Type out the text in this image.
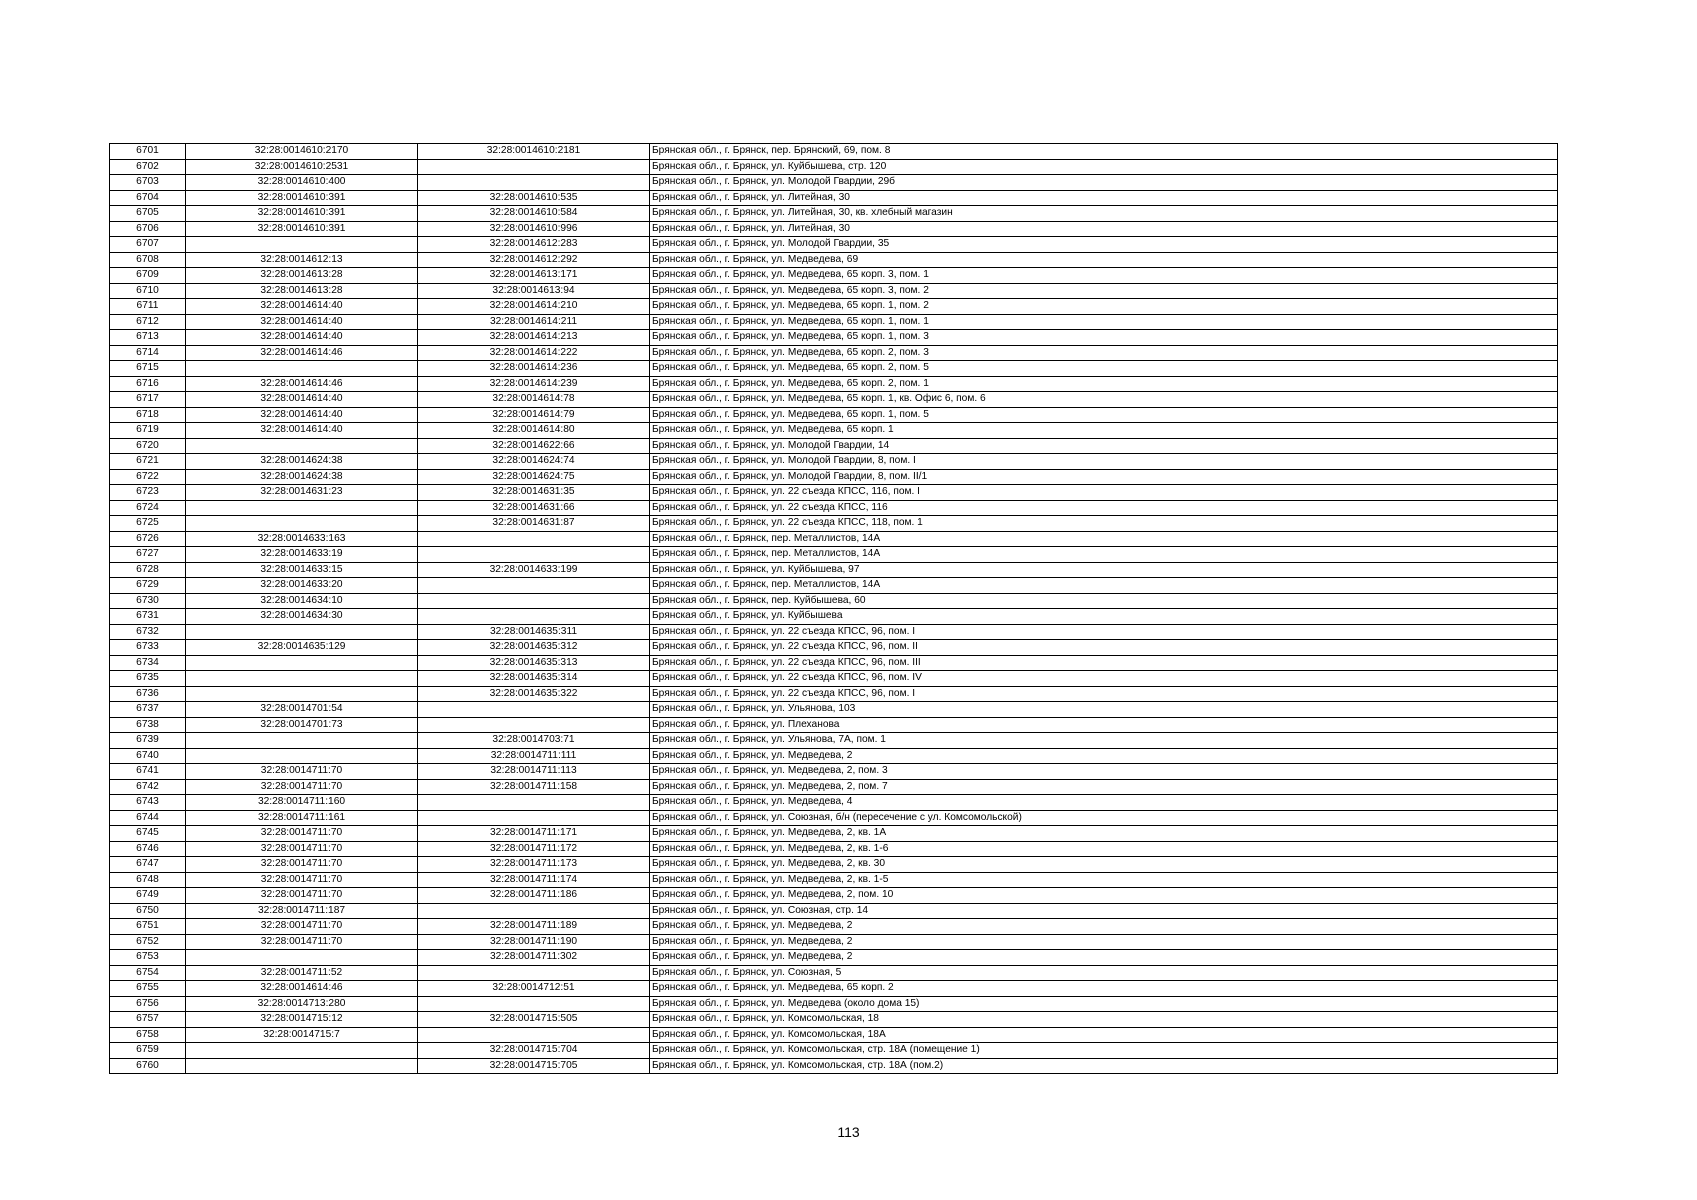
6701	32:28:0014610:2170	32:28:0014610:2181	Брянская обл., г. Брянск, пер. Брянский, 69, пом. 8
6702	32:28:0014610:2531		Брянская обл., г. Брянск, ул. Куйбышева, стр. 120
6703	32:28:0014610:400		Брянская обл., г. Брянск, ул. Молодой Гвардии, 29б
6704	32:28:0014610:391	32:28:0014610:535	Брянская обл., г. Брянск, ул. Литейная, 30
6705	32:28:0014610:391	32:28:0014610:584	Брянская обл., г. Брянск, ул. Литейная, 30, кв. хлебный магазин
6706	32:28:0014610:391	32:28:0014610:996	Брянская обл., г. Брянск, ул. Литейная, 30
6707		32:28:0014612:283	Брянская обл., г. Брянск, ул. Молодой Гвардии, 35
6708	32:28:0014612:13	32:28:0014612:292	Брянская обл., г. Брянск, ул. Медведева, 69
6709	32:28:0014613:28	32:28:0014613:171	Брянская обл., г. Брянск, ул. Медведева, 65 корп. 3, пом. 1
6710	32:28:0014613:28	32:28:0014613:94	Брянская обл., г. Брянск, ул. Медведева, 65 корп. 3, пом. 2
6711	32:28:0014614:40	32:28:0014614:210	Брянская обл., г. Брянск, ул. Медведева, 65 корп. 1, пом. 2
6712	32:28:0014614:40	32:28:0014614:211	Брянская обл., г. Брянск, ул. Медведева, 65 корп. 1, пом. 1
6713	32:28:0014614:40	32:28:0014614:213	Брянская обл., г. Брянск, ул. Медведева, 65 корп. 1, пом. 3
6714	32:28:0014614:46	32:28:0014614:222	Брянская обл., г. Брянск, ул. Медведева, 65 корп. 2, пом. 3
6715		32:28:0014614:236	Брянская обл., г. Брянск, ул. Медведева, 65 корп. 2, пом. 5
6716	32:28:0014614:46	32:28:0014614:239	Брянская обл., г. Брянск, ул. Медведева, 65 корп. 2, пом. 1
6717	32:28:0014614:40	32:28:0014614:78	Брянская обл., г. Брянск, ул. Медведева, 65 корп. 1, кв. Офис 6, пом. 6
6718	32:28:0014614:40	32:28:0014614:79	Брянская обл., г. Брянск, ул. Медведева, 65 корп. 1, пом. 5
6719	32:28:0014614:40	32:28:0014614:80	Брянская обл., г. Брянск, ул. Медведева, 65 корп. 1
6720		32:28:0014622:66	Брянская обл., г. Брянск, ул. Молодой Гвардии, 14
6721	32:28:0014624:38	32:28:0014624:74	Брянская обл., г. Брянск, ул. Молодой Гвардии, 8, пом. I
6722	32:28:0014624:38	32:28:0014624:75	Брянская обл., г. Брянск, ул. Молодой Гвардии, 8, пом. II/1
6723	32:28:0014631:23	32:28:0014631:35	Брянская обл., г. Брянск, ул. 22 съезда КПСС, 116, пом. I
6724		32:28:0014631:66	Брянская обл., г. Брянск, ул. 22 съезда КПСС, 116
6725		32:28:0014631:87	Брянская обл., г. Брянск, ул. 22 съезда КПСС, 118, пом. 1
6726	32:28:0014633:163		Брянская обл., г. Брянск, пер. Металлистов, 14А
6727	32:28:0014633:19		Брянская обл., г. Брянск, пер. Металлистов, 14А
6728	32:28:0014633:15	32:28:0014633:199	Брянская обл., г. Брянск, ул. Куйбышева, 97
6729	32:28:0014633:20		Брянская обл., г. Брянск, пер. Металлистов, 14А
6730	32:28:0014634:10		Брянская обл., г. Брянск, пер. Куйбышева, 60
6731	32:28:0014634:30		Брянская обл., г. Брянск, ул. Куйбышева
6732		32:28:0014635:311	Брянская обл., г. Брянск, ул. 22 съезда КПСС, 96, пом. I
6733	32:28:0014635:129	32:28:0014635:312	Брянская обл., г. Брянск, ул. 22 съезда КПСС, 96, пом. II
6734		32:28:0014635:313	Брянская обл., г. Брянск, ул. 22 съезда КПСС, 96, пом. III
6735		32:28:0014635:314	Брянская обл., г. Брянск, ул. 22 съезда КПСС, 96, пом. IV
6736		32:28:0014635:322	Брянская обл., г. Брянск, ул. 22 съезда КПСС, 96, пом. I
6737	32:28:0014701:54		Брянская обл., г. Брянск, ул. Ульянова, 103
6738	32:28:0014701:73		Брянская обл., г. Брянск, ул. Плеханова
6739		32:28:0014703:71	Брянская обл., г. Брянск, ул. Ульянова, 7А, пом. 1
6740		32:28:0014711:111	Брянская обл., г. Брянск, ул. Медведева, 2
6741	32:28:0014711:70	32:28:0014711:113	Брянская обл., г. Брянск, ул. Медведева, 2, пом. 3
6742	32:28:0014711:70	32:28:0014711:158	Брянская обл., г. Брянск, ул. Медведева, 2, пом. 7
6743	32:28:0014711:160		Брянская обл., г. Брянск, ул. Медведева, 4
6744	32:28:0014711:161		Брянская обл., г. Брянск, ул. Союзная, б/н (пересечение с ул. Комсомольской)
6745	32:28:0014711:70	32:28:0014711:171	Брянская обл., г. Брянск, ул. Медведева, 2, кв. 1А
6746	32:28:0014711:70	32:28:0014711:172	Брянская обл., г. Брянск, ул. Медведева, 2, кв. 1-6
6747	32:28:0014711:70	32:28:0014711:173	Брянская обл., г. Брянск, ул. Медведева, 2, кв. 30
6748	32:28:0014711:70	32:28:0014711:174	Брянская обл., г. Брянск, ул. Медведева, 2, кв. 1-5
6749	32:28:0014711:70	32:28:0014711:186	Брянская обл., г. Брянск, ул. Медведева, 2, пом. 10
6750	32:28:0014711:187		Брянская обл., г. Брянск, ул. Союзная, стр. 14
6751	32:28:0014711:70	32:28:0014711:189	Брянская обл., г. Брянск, ул. Медведева, 2
6752	32:28:0014711:70	32:28:0014711:190	Брянская обл., г. Брянск, ул. Медведева, 2
6753		32:28:0014711:302	Брянская обл., г. Брянск, ул. Медведева, 2
6754	32:28:0014711:52		Брянская обл., г. Брянск, ул. Союзная, 5
6755	32:28:0014614:46	32:28:0014712:51	Брянская обл., г. Брянск, ул. Медведева, 65 корп. 2
6756	32:28:0014713:280		Брянская обл., г. Брянск, ул. Медведева (около дома 15)
6757	32:28:0014715:12	32:28:0014715:505	Брянская обл., г. Брянск, ул. Комсомольская, 18
6758	32:28:0014715:7		Брянская обл., г. Брянск, ул. Комсомольская, 18А
6759		32:28:0014715:704	Брянская обл., г. Брянск, ул. Комсомольская, стр. 18А (помещение 1)
6760		32:28:0014715:705	Брянская обл., г. Брянск, ул. Комсомольская, стр. 18А (пом.2)
113
